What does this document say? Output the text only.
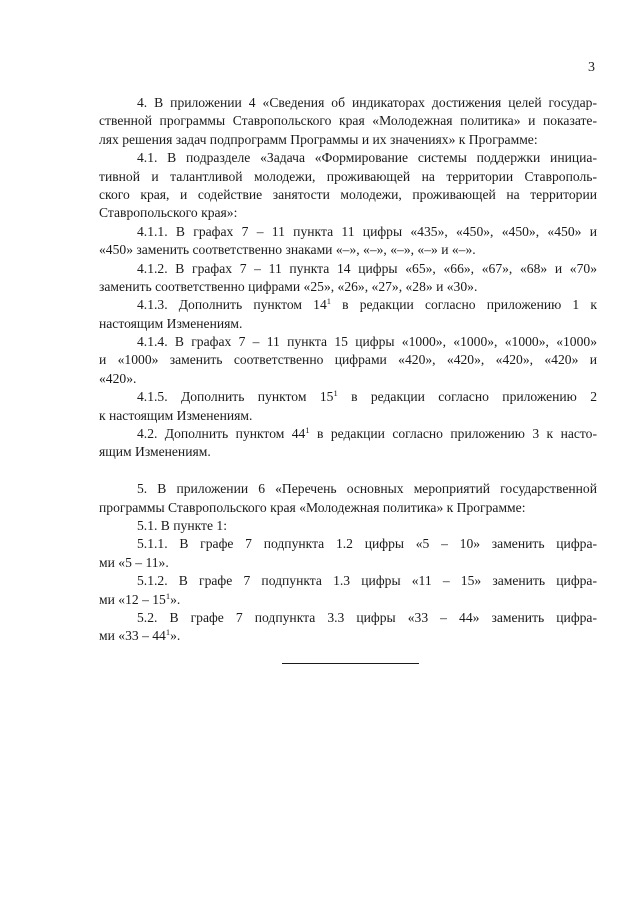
3
4. В приложении 4 «Сведения об индикаторах достижения целей государ-
ственной программы Ставропольского края «Молодежная политика» и показате-
лях решения задач подпрограмм Программы и их значениях» к Программе:
4.1. В подразделе «Задача «Формирование системы поддержки инициа-
тивной и талантливой молодежи, проживающей на территории Ставрополь-
ского края, и содействие занятости молодежи, проживающей на территории
Ставропольского края»:
4.1.1. В графах 7 – 11 пункта 11 цифры «435», «450», «450», «450» и
«450» заменить соответственно знаками «–», «–», «–», «–» и «–».
4.1.2. В графах 7 – 11 пункта 14 цифры «65», «66», «67», «68» и «70»
заменить соответственно цифрами «25», «26», «27», «28» и «30».
4.1.3. Дополнить пунктом $14^1$ в редакции согласно приложению 1 к
настоящим Изменениям.
4.1.4. В графах 7 – 11 пункта 15 цифры «1000», «1000», «1000», «1000»
и «1000» заменить соответственно цифрами «420», «420», «420», «420» и
«420».
4.1.5. Дополнить пунктом $15^1$ в редакции согласно приложению 2
к настоящим Изменениям.
4.2. Дополнить пунктом $44^1$ в редакции согласно приложению 3 к насто-
ящим Изменениям.
5. В приложении 6 «Перечень основных мероприятий государственной
программы Ставропольского края «Молодежная политика» к Программе:
5.1. В пункте 1:
5.1.1. В графе 7 подпункта 1.2 цифры «5 – 10» заменить цифра-
ми «5 – 11».
5.1.2. В графе 7 подпункта 1.3 цифры «11 – 15» заменить цифра-
ми «$12 - 15^1$».
5.2. В графе 7 подпункта 3.3 цифры «33 – 44» заменить цифра-
ми «$33 - 44^1$».
